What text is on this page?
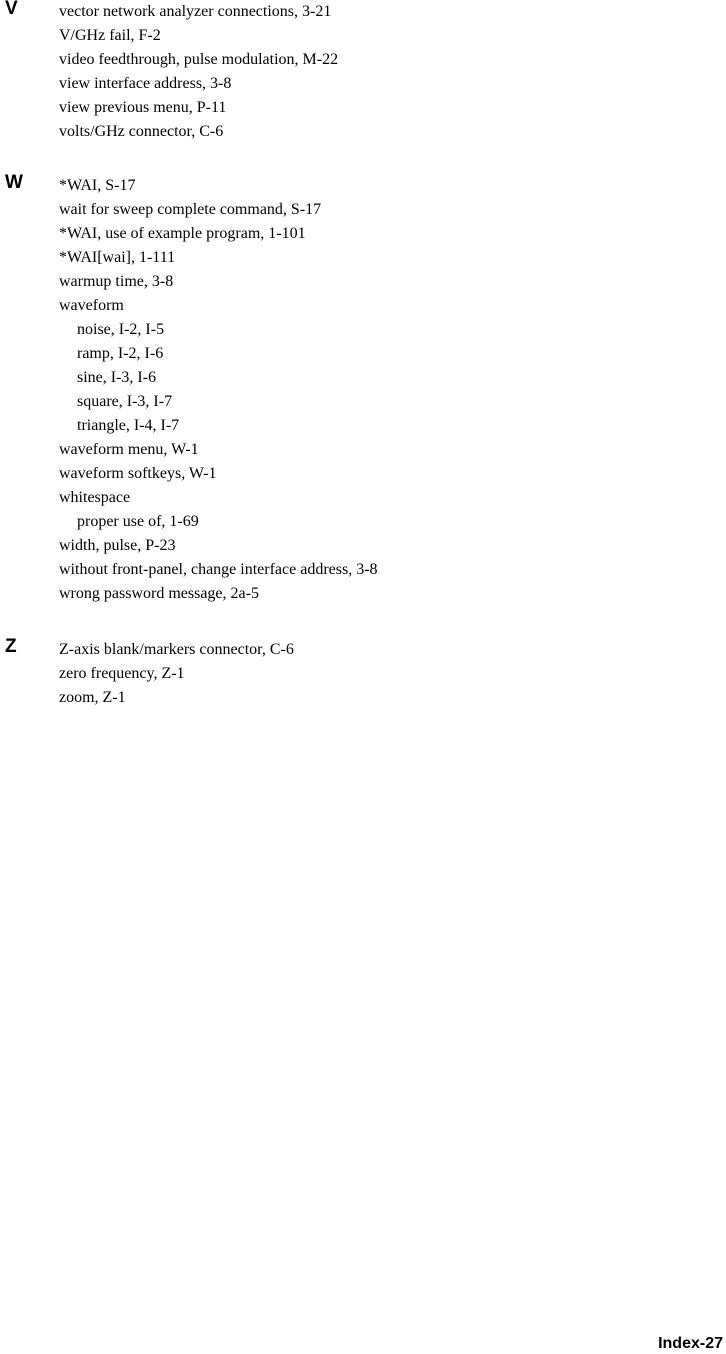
V	vector network analyzer connections, 3-21
V/GHz fail, F-2
video feedthrough, pulse modulation, M-22
view interface address, 3-8
view previous menu, P-11
volts/GHz connector, C-6
W *WAI, S-17
wait for sweep complete command, S-17
*WAI, use of example program, 1-101
*WAI[wai], 1-111
warmup time, 3-8
waveform
noise, I-2, I-5
ramp, I-2, I-6
sine, I-3, I-6
square, I-3, I-7
triangle, I-4, I-7
waveform menu, W-1
waveform softkeys, W-1
whitespace
proper use of, 1-69
width, pulse, P-23
without front-panel, change interface address, 3-8
wrong password message, 2a-5
Z	Z-axis blank/markers connector, C-6
zero frequency, Z-1
zoom, Z-1
Index-27
